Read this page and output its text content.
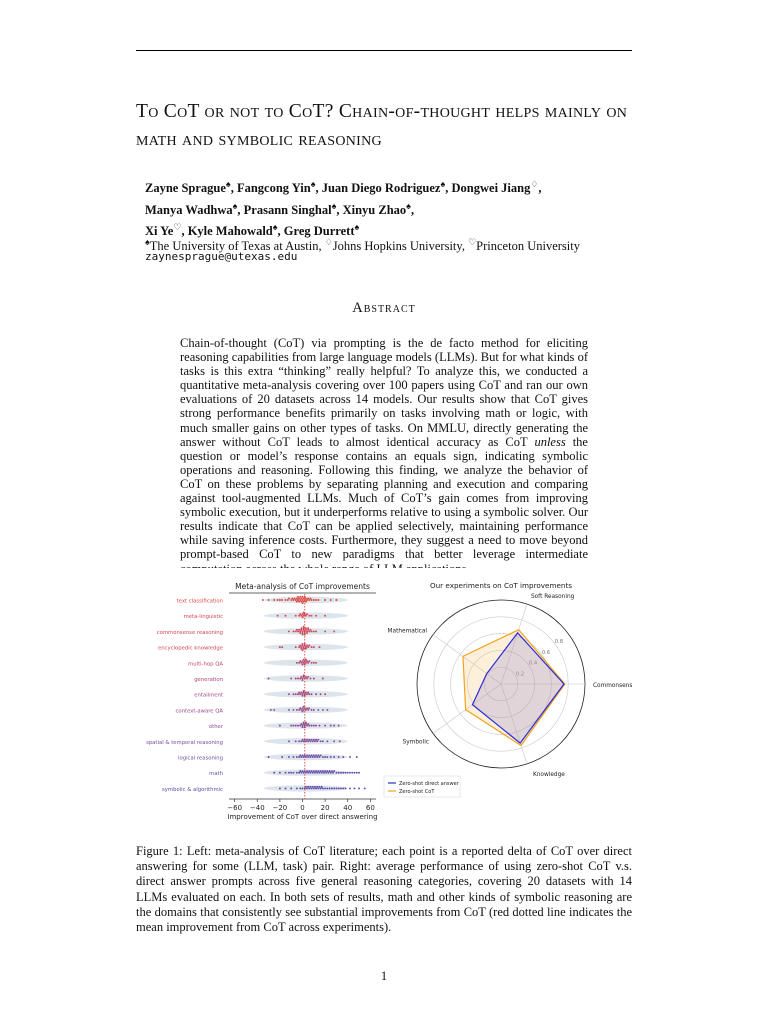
To CoT or not to CoT? Chain-of-thought helps mainly on math and symbolic reasoning
Zayne Sprague♠, Fangcong Yin♠, Juan Diego Rodriguez♠, Dongwei Jiang♢,
Manya Wadhwa♠, Prasann Singhal♠, Xinyu Zhao♠,
Xi Ye♡, Kyle Mahowald♠, Greg Durrett♠
♠The University of Texas at Austin, ♢Johns Hopkins University, ♡Princeton University
zaynesprague@utexas.edu
Abstract
Chain-of-thought (CoT) via prompting is the de facto method for eliciting reasoning capabilities from large language models (LLMs). But for what kinds of tasks is this extra “thinking” really helpful? To analyze this, we conducted a quantitative meta-analysis covering over 100 papers using CoT and ran our own evaluations of 20 datasets across 14 models. Our results show that CoT gives strong performance benefits primarily on tasks involving math or logic, with much smaller gains on other types of tasks. On MMLU, directly generating the answer without CoT leads to almost identical accuracy as CoT unless the question or model’s response contains an equals sign, indicating symbolic operations and reasoning. Following this finding, we analyze the behavior of CoT on these problems by separating planning and execution and comparing against tool-augmented LLMs. Much of CoT’s gain comes from improving symbolic execution, but it underperforms relative to using a symbolic solver. Our results indicate that CoT can be applied selectively, maintaining performance while saving inference costs. Furthermore, they suggest a need to move beyond prompt-based CoT to new paradigms that better leverage intermediate
Meta-analysis of CoT improvements
text classification
meta-linguistic
commonsense reasoning
encyclopedic knowledge
multi-hop QA
generation
entailment
context-aware QA
other
spatial & temporal reasoning
logical reasoning
math
symbolic & algorithmic
−60 −40 −20 0 20 40 60
Improvement of CoT over direct answering
Our experiments on CoT improvements
0.2
0.4
0.6
0.8
Commonsense
Soft Reasoning
Mathematical
Symbolic
Knowledge
Zero-shot direct answer
Zero-shot CoT
Figure 1: Left: meta-analysis of CoT literature; each point is a reported delta of CoT over direct answering for some (LLM, task) pair. Right: average performance of using zero-shot CoT v.s. direct answer prompts across five general reasoning categories, covering 20 datasets with 14 LLMs evaluated on each. In both sets of results, math and other kinds of symbolic reasoning are the domains that consistently see substantial improvements from CoT (red dotted line indicates the mean improvement from CoT across experiments).
1
